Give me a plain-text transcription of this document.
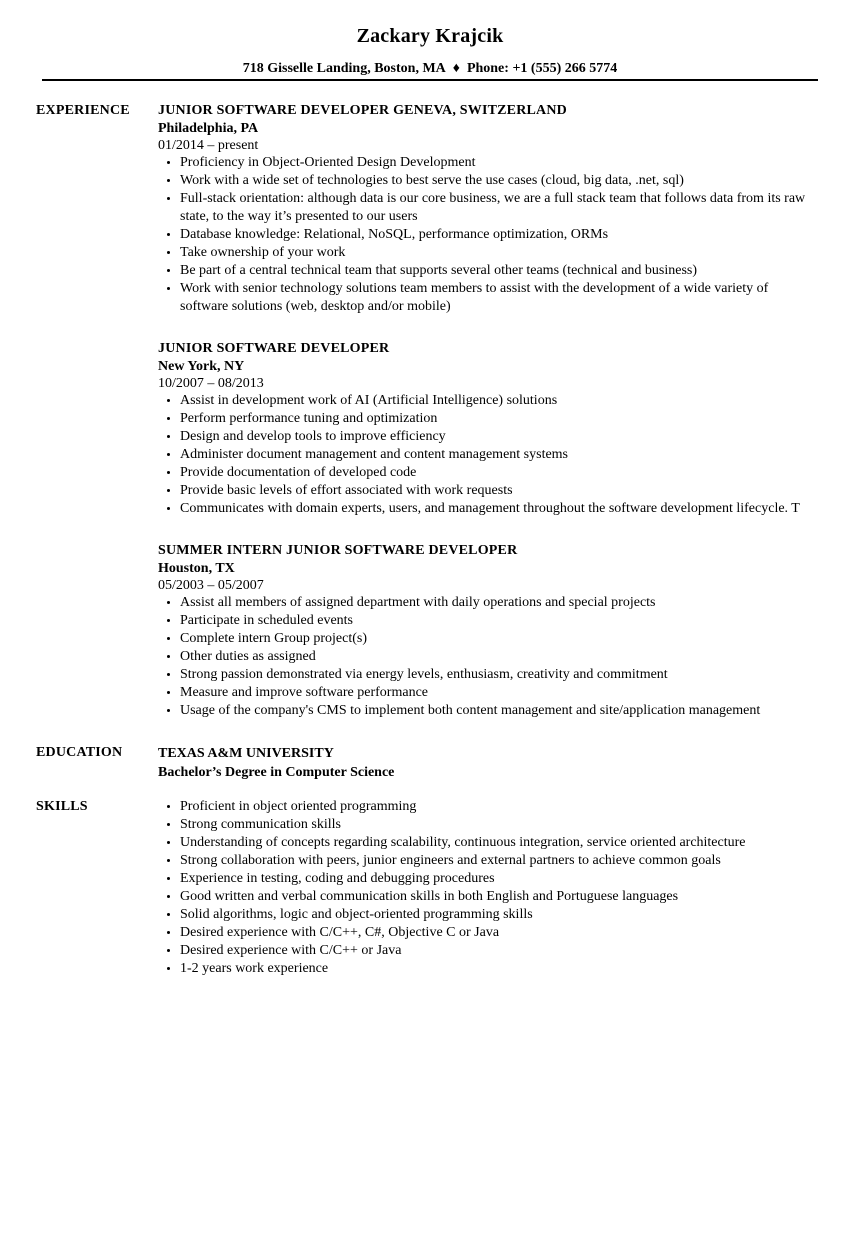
Zackary Krajcik
718 Gisselle Landing, Boston, MA ♦ Phone: +1 (555) 266 5774
EXPERIENCE	JUNIOR SOFTWARE DEVELOPER GENEVA, SWITZERLAND
Philadelphia, PA
01/2014 – present
• Proficiency in Object-Oriented Design Development
• Work with a wide set of technologies to best serve the use cases (cloud, big data, .net, sql)
• Full-stack orientation: although data is our core business, we are a full stack team that follows data from its raw state, to the way it’s presented to our users
• Database knowledge: Relational, NoSQL, performance optimization, ORMs
• Take ownership of your work
• Be part of a central technical team that supports several other teams (technical and business)
• Work with senior technology solutions team members to assist with the development of a wide variety of software solutions (web, desktop and/or mobile)
JUNIOR SOFTWARE DEVELOPER
New York, NY
10/2007 – 08/2013
• Assist in development work of AI (Artificial Intelligence) solutions
• Perform performance tuning and optimization
• Design and develop tools to improve efficiency
• Administer document management and content management systems
• Provide documentation of developed code
• Provide basic levels of effort associated with work requests
• Communicates with domain experts, users, and management throughout the software development lifecycle. T
SUMMER INTERN JUNIOR SOFTWARE DEVELOPER
Houston, TX
05/2003 – 05/2007
• Assist all members of assigned department with daily operations and special projects
• Participate in scheduled events
• Complete intern Group project(s)
• Other duties as assigned
• Strong passion demonstrated via energy levels, enthusiasm, creativity and commitment
• Measure and improve software performance
• Usage of the company's CMS to implement both content management and site/application management
EDUCATION	TEXAS A&M UNIVERSITY
Bachelor’s Degree in Computer Science
SKILLS	• Proficient in object oriented programming
• Strong communication skills
• Understanding of concepts regarding scalability, continuous integration, service oriented architecture
• Strong collaboration with peers, junior engineers and external partners to achieve common goals
• Experience in testing, coding and debugging procedures
• Good written and verbal communication skills in both English and Portuguese languages
• Solid algorithms, logic and object-oriented programming skills
• Desired experience with C/C++, C#, Objective C or Java
• Desired experience with C/C++ or Java
• 1-2 years work experience
